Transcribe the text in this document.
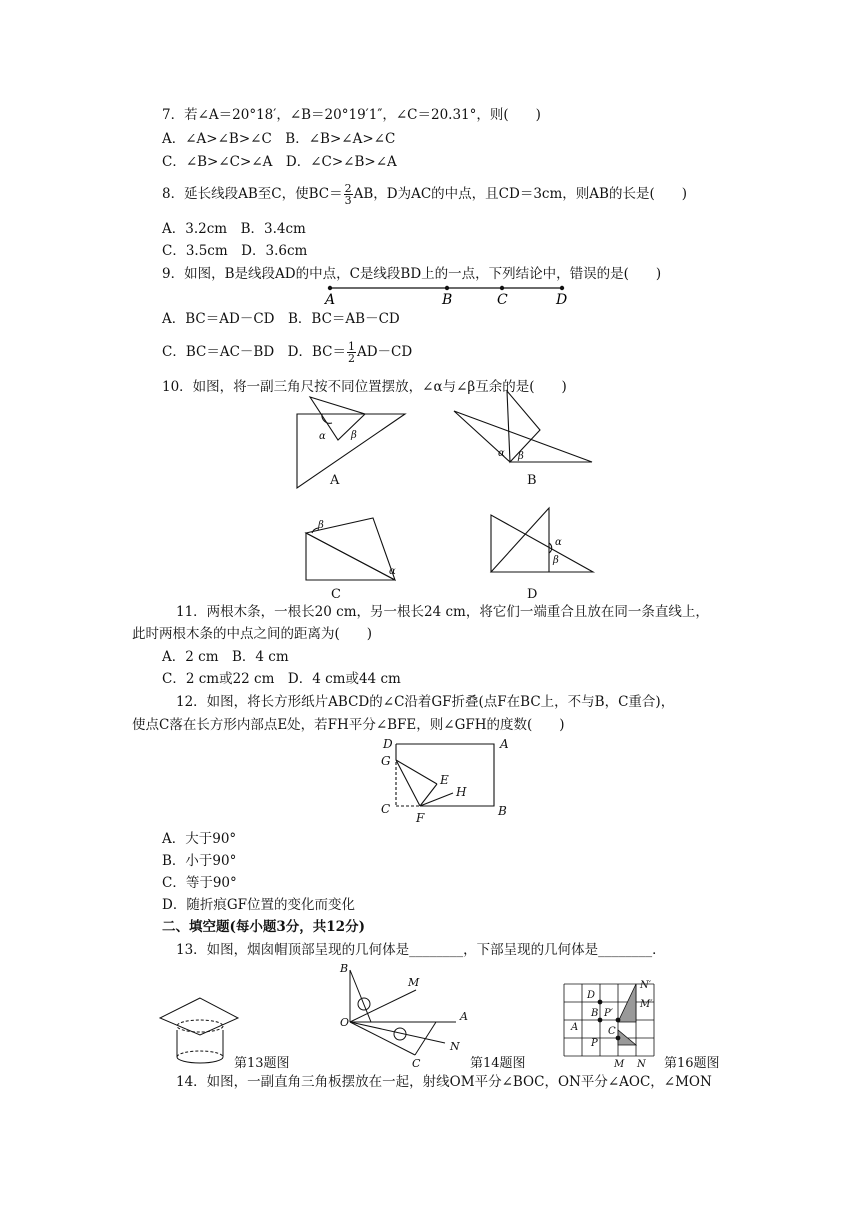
7．若∠A＝20°18′，∠B＝20°19′1″，∠C＝20.31°，则(　　)
A．∠A>∠B>∠C　B．∠B>∠A>∠C
C．∠B>∠C>∠A　D．∠C>∠B>∠A
8．延长线段AB至C，使$BC= \frac{2}{3}$ AB，D为AC的中点，且CD＝3cm，则AB的长是(　　)
A．3.2cm　B．3.4cm
C．3.5cm　D．3.6cm
9．如图，B是线段AD的中点，C是线段BD上的一点，下列结论中，错误的是(　　)
A	B	C	D
A．BC＝AD－CD　B．BC＝AB－CD
C．BC＝AC－BD　D．$BC= \frac{1}{2} AD-CD$
10．如图，将一副三角尺按不同位置摆放，∠α与∠β互余的是(　　)
α	β
A
α β
B
β
α
C
α
β
D
11．两根木条，一根长20 cm，另一根长24 cm，将它们一端重合且放在同一条直线上，
此时两根木条的中点之间的距离为(　　)
A．2 cm　B．4 cm
C．2 cm或22 cm　D．4 cm或44 cm
12．如图，将长方形纸片ABCD的∠C沿着GF折叠(点F在BC上，不与B，C重合)，
使点C落在长方形内部点E处，若FH平分∠BFE，则∠GFH的度数(　　)
D	A
G
E
H
C
F	B
A．大于90°
B．小于90°
C．等于90°
D．随折痕GF位置的变化而变化
二、填空题(每小题3分，共12分)
13．如图，烟囱帽顶部呈现的几何体是________，下部呈现的几何体是________．
第13题图
B
M
O	A
C
N
第14题图
N′
M′
D
B P′
A	C
P
M N 第16题图
14．如图，一副直角三角板摆放在一起，射线OM平分∠BOC，ON平分∠AOC，∠MON
